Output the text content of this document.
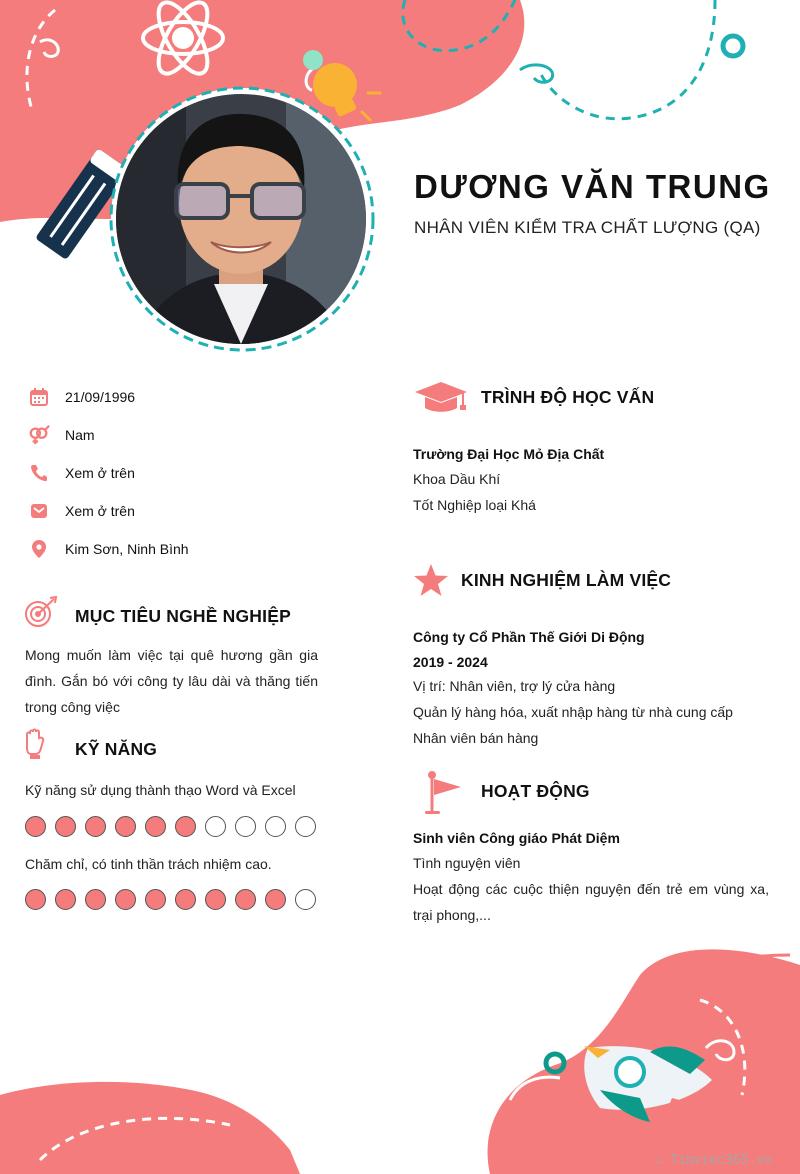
DƯƠNG VĂN TRUNG
NHÂN VIÊN KIỂM TRA CHẤT LƯỢNG (QA)
21/09/1996
Nam
Xem ở trên
Xem ở trên
Kim Sơn, Ninh Bình
MỤC TIÊU NGHỀ NGHIỆP
Mong muốn làm việc tại quê hương gần gia đình. Gắn bó với công ty lâu dài và thăng tiến trong công việc
KỸ NĂNG
Kỹ năng sử dụng thành thạo Word và Excel
Chăm chỉ, có tinh thần trách nhiệm cao.
TRÌNH ĐỘ HỌC VẤN
Trường Đại Học Mỏ Địa Chất
Khoa Dầu Khí
Tốt Nghiệp loại Khá
KINH NGHIỆM LÀM VIỆC
Công ty Cổ Phần Thế Giới Di Động
2019 - 2024
Vị trí: Nhân viên, trợ lý cửa hàng
Quản lý hàng hóa, xuất nhập hàng từ nhà cung cấp
Nhân viên bán hàng
HOẠT ĐỘNG
Sinh viên Công giáo Phát Diệm
Tình nguyện viên
Hoạt động các cuộc thiện nguyện đến trẻ em vùng xa, trại phong,...
∴ Timviec365.vn
